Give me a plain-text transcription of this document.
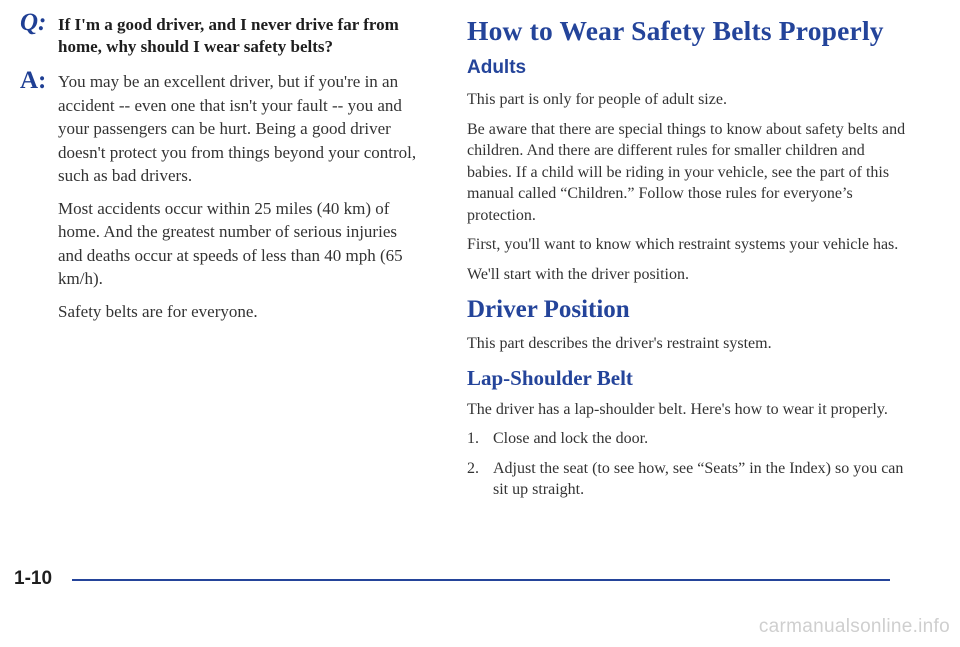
Q: If I'm a good driver, and I never drive far from home, why should I wear safety belts?
A: You may be an excellent driver, but if you're in an accident -- even one that isn't your fault -- you and your passengers can be hurt. Being a good driver doesn't protect you from things beyond your control, such as bad drivers.
Most accidents occur within 25 miles (40 km) of home. And the greatest number of serious injuries and deaths occur at speeds of less than 40 mph (65 km/h).
Safety belts are for everyone.
How to Wear Safety Belts Properly
Adults
This part is only for people of adult size.
Be aware that there are special things to know about safety belts and children. And there are different rules for smaller children and babies. If a child will be riding in your vehicle, see the part of this manual called “Children.” Follow those rules for everyone’s protection.
First, you'll want to know which restraint systems your vehicle has.
We'll start with the driver position.
Driver Position
This part describes the driver's restraint system.
Lap-Shoulder Belt
The driver has a lap-shoulder belt. Here's how to wear it properly.
1. Close and lock the door.
2. Adjust the seat (to see how, see “Seats” in the Index) so you can sit up straight.
1-10
carmanualsonline.info
